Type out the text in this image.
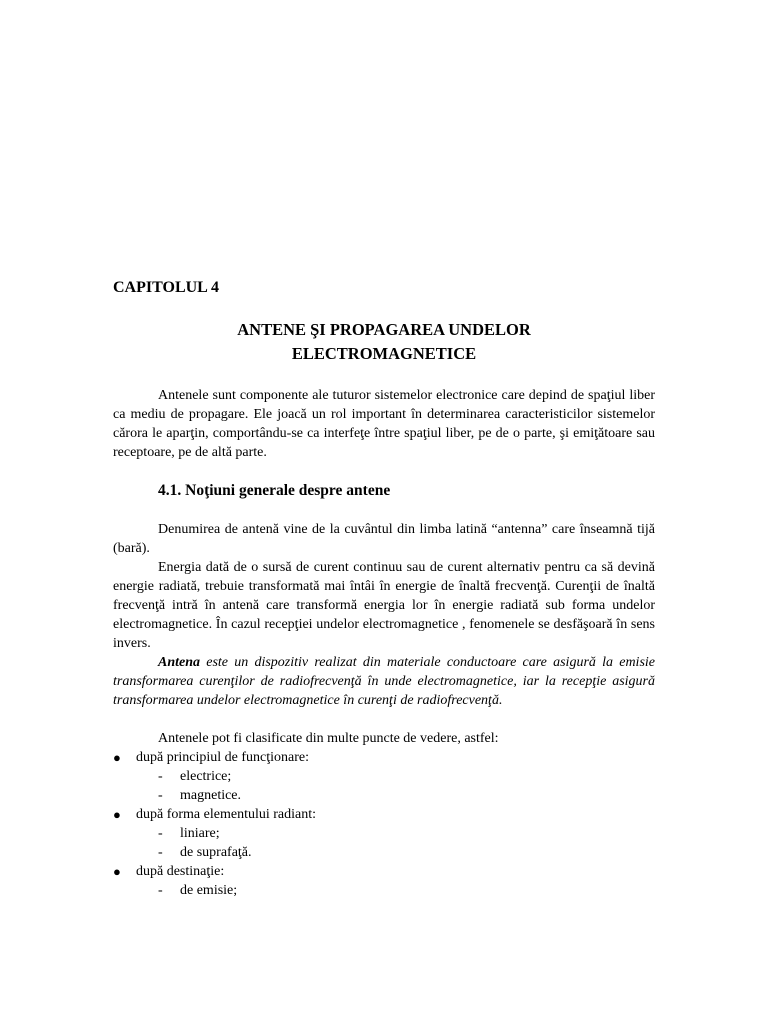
CAPITOLUL 4
ANTENE ŞI PROPAGAREA UNDELOR
ELECTROMAGNETICE
Antenele sunt componente ale tuturor sistemelor electronice care depind de spaţiul liber ca mediu de propagare. Ele joacă un rol important în determinarea caracteristicilor sistemelor cărora le aparţin, comportându-se ca interfeţe între spaţiul liber, pe de o parte, şi emiţătoare sau receptoare, pe de altă parte.
4.1. Noţiuni generale despre antene
Denumirea de antenă vine de la cuvântul din limba latină “antenna” care înseamnă tijă (bară).
Energia dată de o sursă de curent continuu sau de curent alternativ pentru ca să devină energie radiată, trebuie transformată mai întâi în energie de înaltă frecvenţă. Curenţii de înaltă frecvenţă intră în antenă care transformă energia lor în energie radiată sub forma undelor electromagnetice. În cazul recepţiei undelor electromagnetice , fenomenele se desfăşoară în sens invers.
Antena este un dispozitiv realizat din materiale conductoare care asigură la emisie transformarea curenţilor de radiofrecvenţă în unde electromagnetice, iar la recepţie asigură transformarea undelor electromagnetice în curenţi de radiofrecvenţă.
Antenele pot fi clasificate din multe puncte de vedere, astfel:
●	după principiul de funcţionare:
- electrice;
- magnetice.
●	după forma elementului radiant:
- liniare;
- de suprafaţă.
●	după destinaţie:
- de emisie;
